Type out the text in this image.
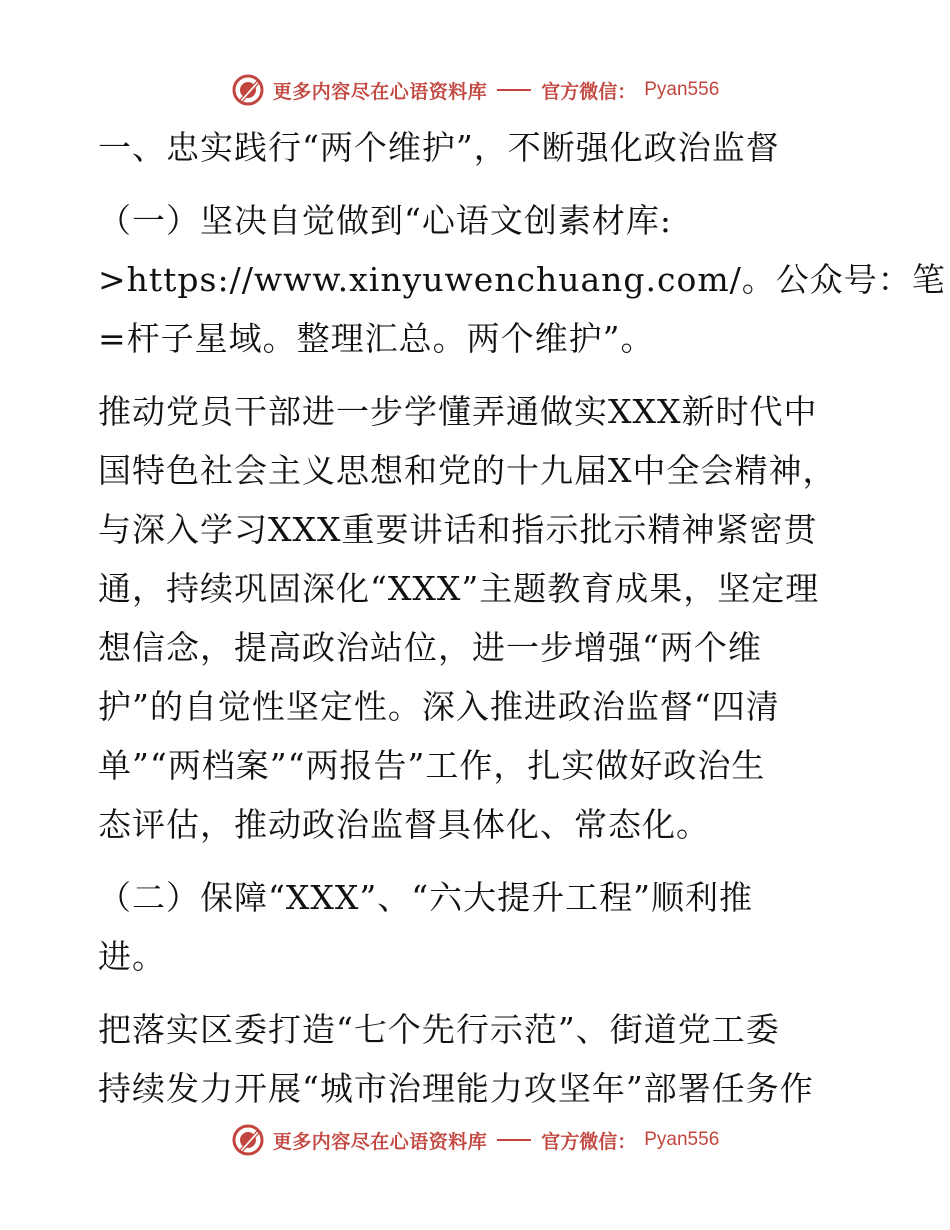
更多内容尽在心语资料库	官方微信： Pyan556
一、忠实践行“两个维护”，不断强化政治监督
（一）坚决自觉做到“心语文创素材库:
>https://www.xinyuwenchuang.com/。公众号：笔
=杆子星域。整理汇总。两个维护”。
推动党员干部进一步学懂弄通做实XXX新时代中
国特色社会主义思想和党的十九届X中全会精神，
与深入学习XXX重要讲话和指示批示精神紧密贯
通，持续巩固深化“XXX”主题教育成果，坚定理
想信念，提高政治站位，进一步增强“两个维
护”的自觉性坚定性。深入推进政治监督“四清
单”“两档案”“两报告”工作，扎实做好政治生
态评估，推动政治监督具体化、常态化。
（二）保障“XXX”、“六大提升工程”顺利推
进。
把落实区委打造“七个先行示范”、街道党工委
持续发力开展“城市治理能力攻坚年”部署任务作
更多内容尽在心语资料库	官方微信： Pyan556
